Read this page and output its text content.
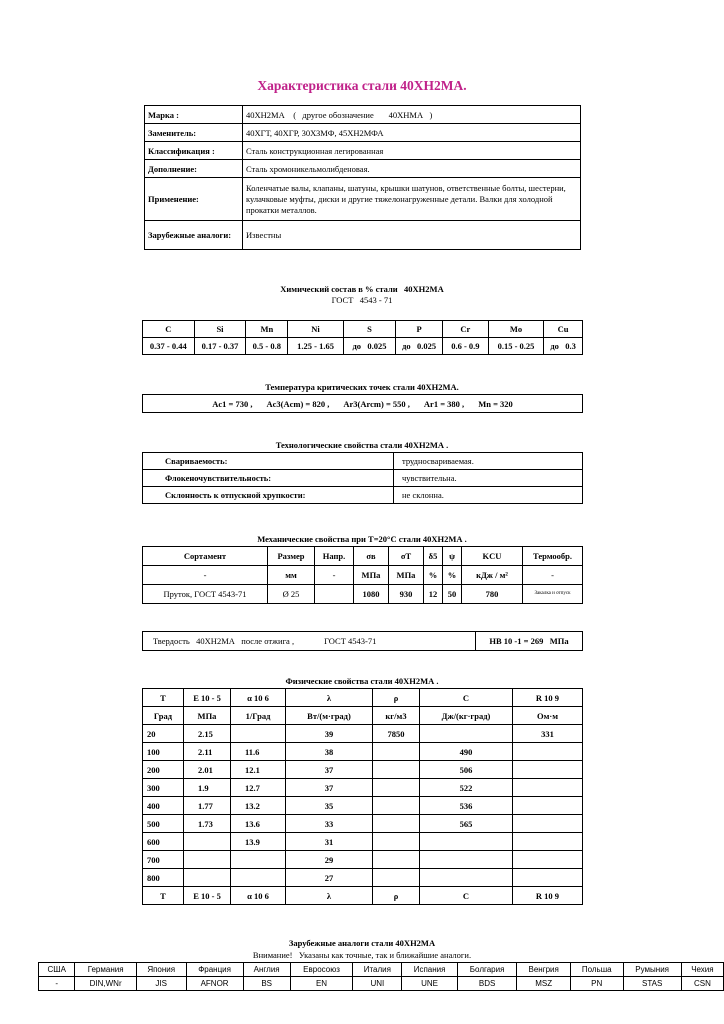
Характеристика стали 40ХН2МА.
Марка :	40ХН2МА    (   другое обозначение       40ХНМА   )
Заменитель:	40ХГТ, 40ХГР, 30ХЗМФ, 45ХН2МФА
Классификация :	Сталь конструкционная легированная
Дополнение:	Сталь хромоникельмолибденовая.
Применение:	Коленчатые валы, клапаны, шатуны, крышки шатунов, ответственные болты, шестерни, кулачковые муфты, диски и другие тяжелонагруженные детали. Валки для холодной прокатки металлов.
Зарубежные аналоги:	Известны
Химический состав в % стали   40ХН2МА
ГОСТ   4543 - 71
C	Si	Mn	Ni	S	P	Cr	Mo	Cu
0.37 - 0.44	0.17 - 0.37	0.5 - 0.8	1.25 - 1.65	до   0.025	до   0.025	0.6 - 0.9	0.15 - 0.25	до   0.3
Температура критических точек стали 40ХН2МА.
Ac1 = 730 , Ac3(Acm) = 820 , Ar3(Arcm) = 550 , Ar1 = 380 , Mn = 320
Технологические свойства стали 40ХН2МА .
Свариваемость:	трудносвариваемая.
Флокеночувствительность:	чувствительна.
Склонность к отпускной хрупкости:	не склонна.
Механические свойства при Т=20°C стали 40ХН2МА .
Сортамент	Размер	Напр.	σв	σT	δ5	ψ	KCU	Термообр.
-	мм	-	МПа	МПа	%	%	кДж / м²	-
Пруток, ГОСТ 4543-71	Ø 25		1080	930	12	50	780	Закалка и отпуск
Твердость   40ХН2МА   после отжига ,	ГОСТ 4543-71	HB 10 -1 = 269   МПа
Физические свойства стали 40ХН2МА .
T	E 10 - 5	α 10 6	λ	ρ	C	R 10 9
Град	МПа	1/Град	Вт/(м·град)	кг/м3	Дж/(кг·град)	Ом·м
20	2.15		39	7850		331
100	2.11	11.6	38		490	
200	2.01	12.1	37		506	
300	1.9	12.7	37		522	
400	1.77	13.2	35		536	
500	1.73	13.6	33		565	
600		13.9	31			
700			29			
800			27			
T	E 10 - 5	α 10 6	λ	ρ	C	R 10 9
Зарубежные аналоги стали 40ХН2МА
Внимание!   Указаны как точные, так и ближайшие аналоги.
США	Германия	Япония	Франция	Англия	Евросоюз	Италия	Испания	Болгария	Венгрия	Польша	Румыния	Чехия
-	DIN,WNr	JIS	AFNOR	BS	EN	UNI	UNE	BDS	MSZ	PN	STAS	CSN
